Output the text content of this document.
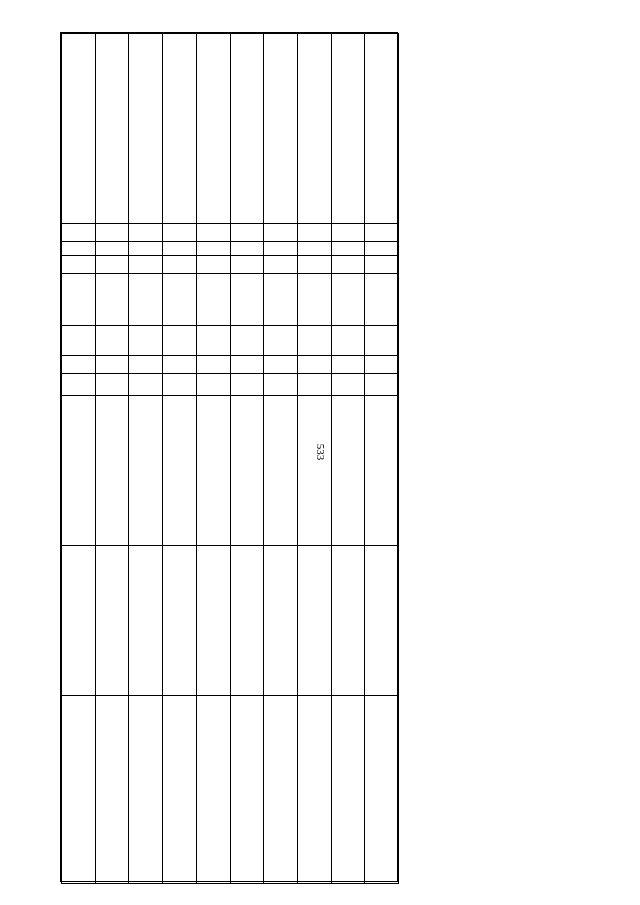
533
